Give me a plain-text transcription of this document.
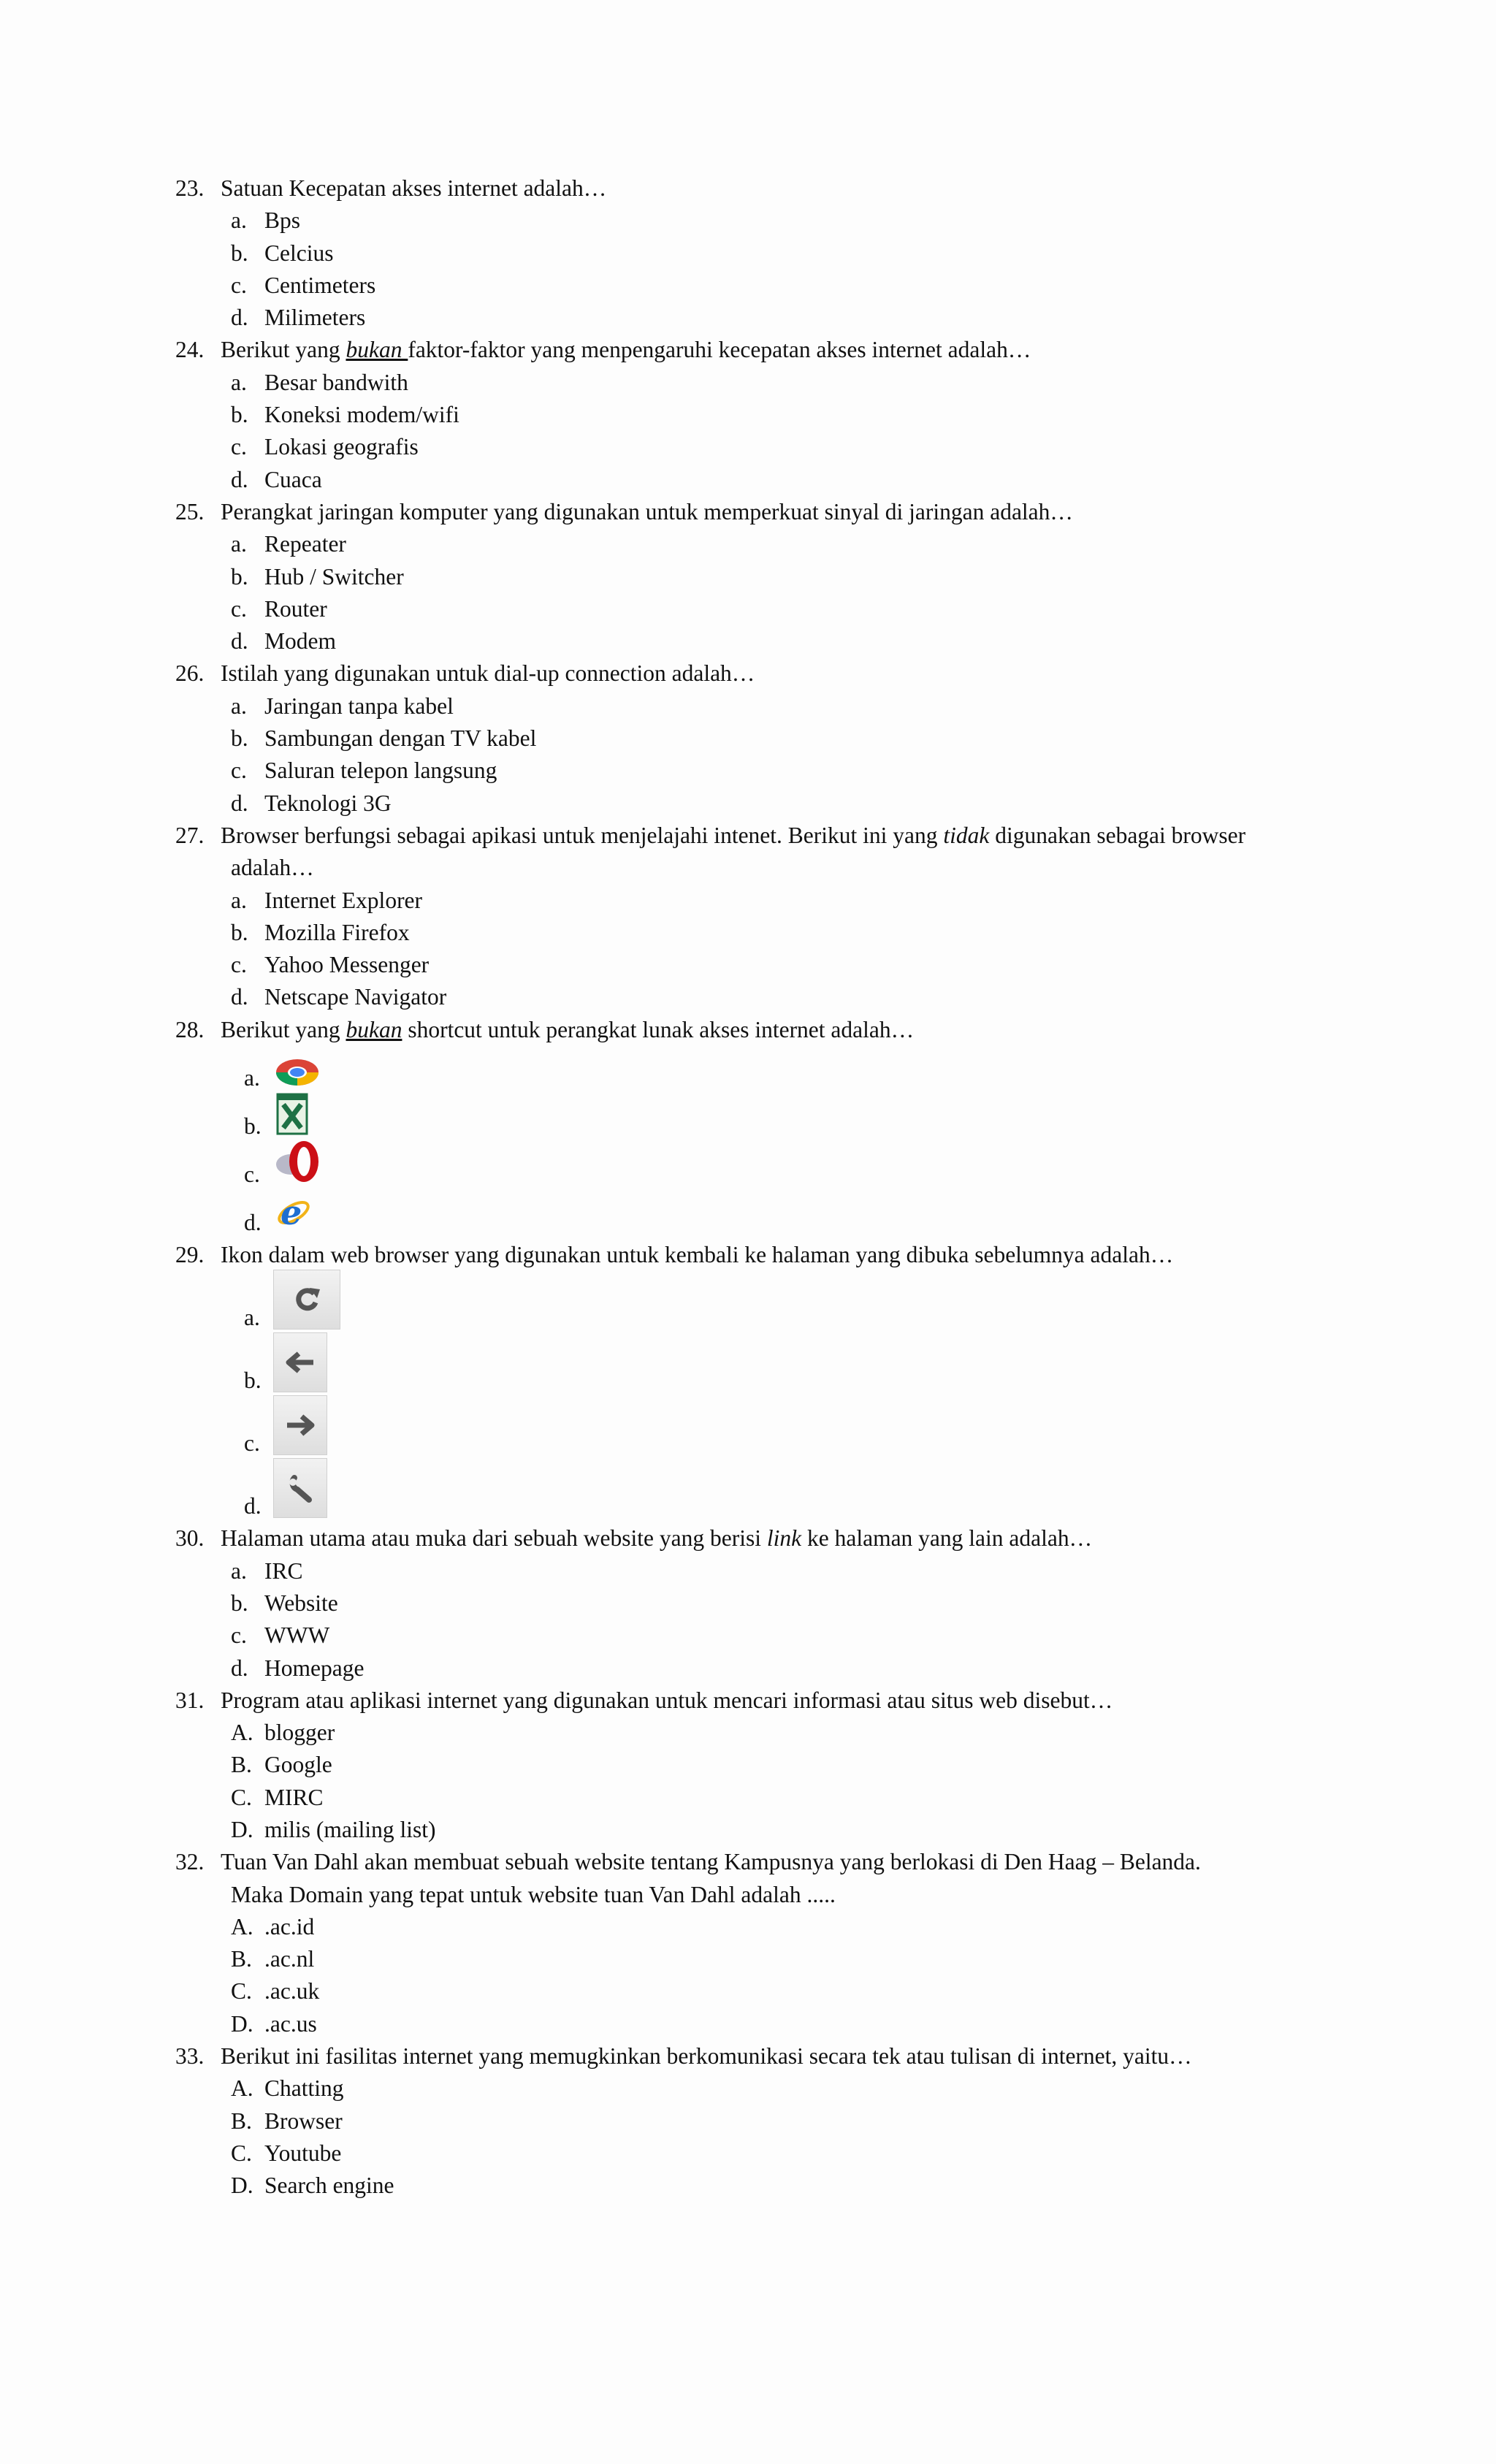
23. Satuan Kecepatan akses internet adalah…
a. Bps
b. Celcius
c. Centimeters
d. Milimeters
24. Berikut yang bukan faktor-faktor yang menpengaruhi kecepatan akses internet adalah…
a. Besar bandwith
b. Koneksi modem/wifi
c. Lokasi geografis
d. Cuaca
25. Perangkat jaringan komputer yang digunakan untuk memperkuat sinyal di jaringan adalah…
a. Repeater
b. Hub / Switcher
c. Router
d. Modem
26. Istilah yang digunakan untuk dial-up connection adalah…
a. Jaringan tanpa kabel
b. Sambungan dengan TV kabel
c. Saluran telepon langsung
d. Teknologi 3G
27. Browser berfungsi sebagai apikasi untuk menjelajahi intenet. Berikut ini yang tidak digunakan sebagai browser
adalah…
a. Internet Explorer
b. Mozilla Firefox
c. Yahoo Messenger
d. Netscape Navigator
28. Berikut yang bukan shortcut untuk perangkat lunak akses internet adalah…
a.
b.
c.
d. e
29. Ikon dalam web browser yang digunakan untuk kembali ke halaman yang dibuka sebelumnya adalah…
a.
b.
c.
d.
30. Halaman utama atau muka dari sebuah website yang berisi link ke halaman yang lain adalah…
a. IRC
b. Website
c. WWW
d. Homepage
31. Program atau aplikasi internet yang digunakan untuk mencari informasi atau situs web disebut…
A. blogger
B. Google
C. MIRC
D. milis (mailing list)
32. Tuan Van Dahl akan membuat sebuah website tentang Kampusnya yang berlokasi di Den Haag – Belanda.
Maka Domain yang tepat untuk website tuan Van Dahl adalah .....
A. .ac.id
B. .ac.nl
C. .ac.uk
D. .ac.us
33. Berikut ini fasilitas internet yang memugkinkan berkomunikasi secara tek atau tulisan di internet, yaitu…
A. Chatting
B. Browser
C. Youtube
D. Search engine
